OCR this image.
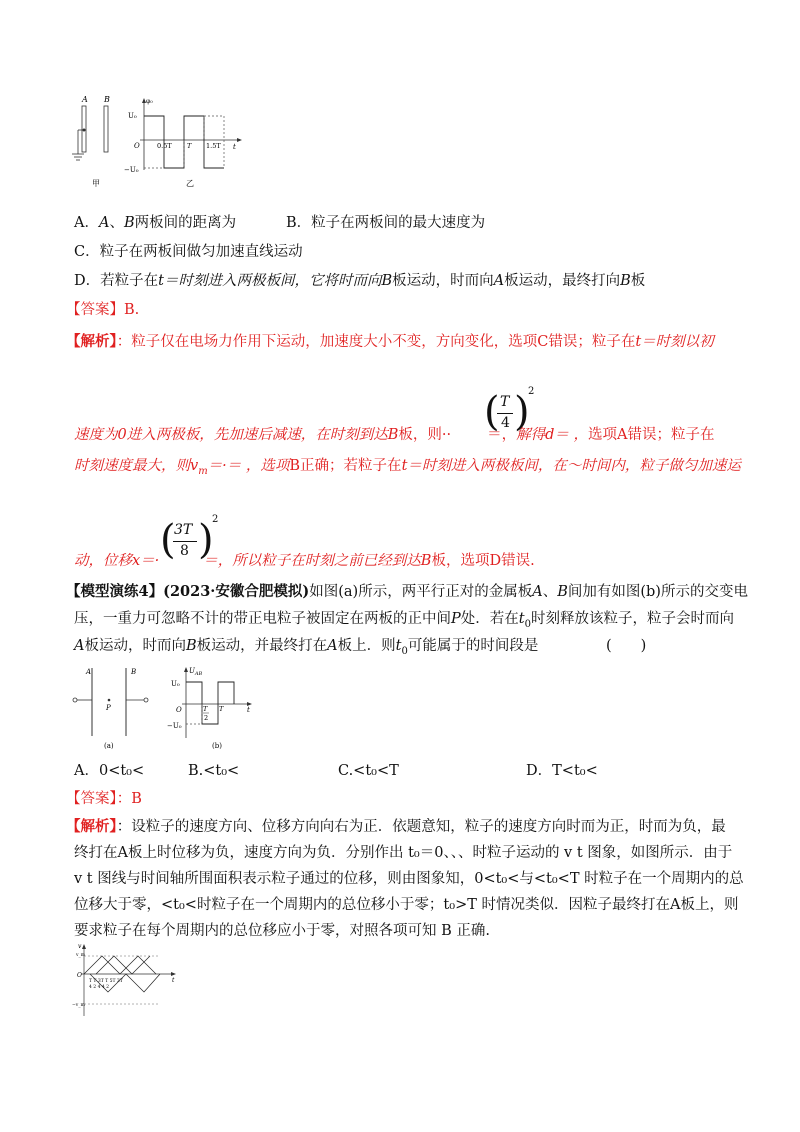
A B
甲
φ₀
t
O
U₀
−U₀
0.5T T 1.5T
乙
A．A、B两板间的距离为	B．粒子在两板间的最大速度为
C．粒子在两板间做匀加速直线运动
D．若粒子在t＝时刻进入两极板间，它将时而向B板运动，时而向A板运动，最终打向B板
【答案】B.
【解析】：粒子仅在电场力作用下运动，加速度大小不变，方向变化，选项C错误；粒子在t＝时刻以初
( T
4 )
2
速度为0进入两极板，先加速后减速，在时刻到达B板，则·· ＝，解得d＝ ，选项A错误；粒子在
时刻速度最大，则$v_m=\cdot=$ ，选项B正确；若粒子在t＝时刻进入两极板间，在～时间内，粒子做匀加速运
(
3T
8 )
2
动，位移x＝·	＝，所以粒子在时刻之前已经到达B板，选项D错误.
【模型演练4】(2023·安徽合肥模拟)如图(a)所示，两平行正对的金属板A、B间加有如图(b)所示的交变电
压，一重力可忽略不计的带正电粒子被固定在两板的正中间P处．若在$t_0$时刻释放该粒子，粒子会时而向
A板运动，时而向B板运动，并最终打在A板上．则$t_0$可能属于的时间段是	(　　)
A	B
P
(a)
$U_{AB}$
t
O
U₀
−U₀
T
2
T
(b)
A．0<t₀<	B.<t₀<	C.<t₀<T	D．T<t₀<
【答案】：B
【解析】：设粒子的速度方向、位移方向向右为正．依题意知，粒子的速度方向时而为正，时而为负，最
终打在A板上时位移为负，速度方向为负．分别作出 t₀＝0、、、时粒子运动的 v t 图象，如图所示．由于
v t 图线与时间轴所围面积表示粒子通过的位移，则由图象知，0<t₀<与<t₀<T 时粒子在一个周期内的总
位移大于零，<t₀<时粒子在一个周期内的总位移小于零；t₀>T 时情况类似．因粒子最终打在A板上，则
要求粒子在每个周期内的总位移应小于零，对照各项可知 B 正确.
v
v_m
−v_m
O
t
T T 3T T 5T 3T
4 2 4 4 2
